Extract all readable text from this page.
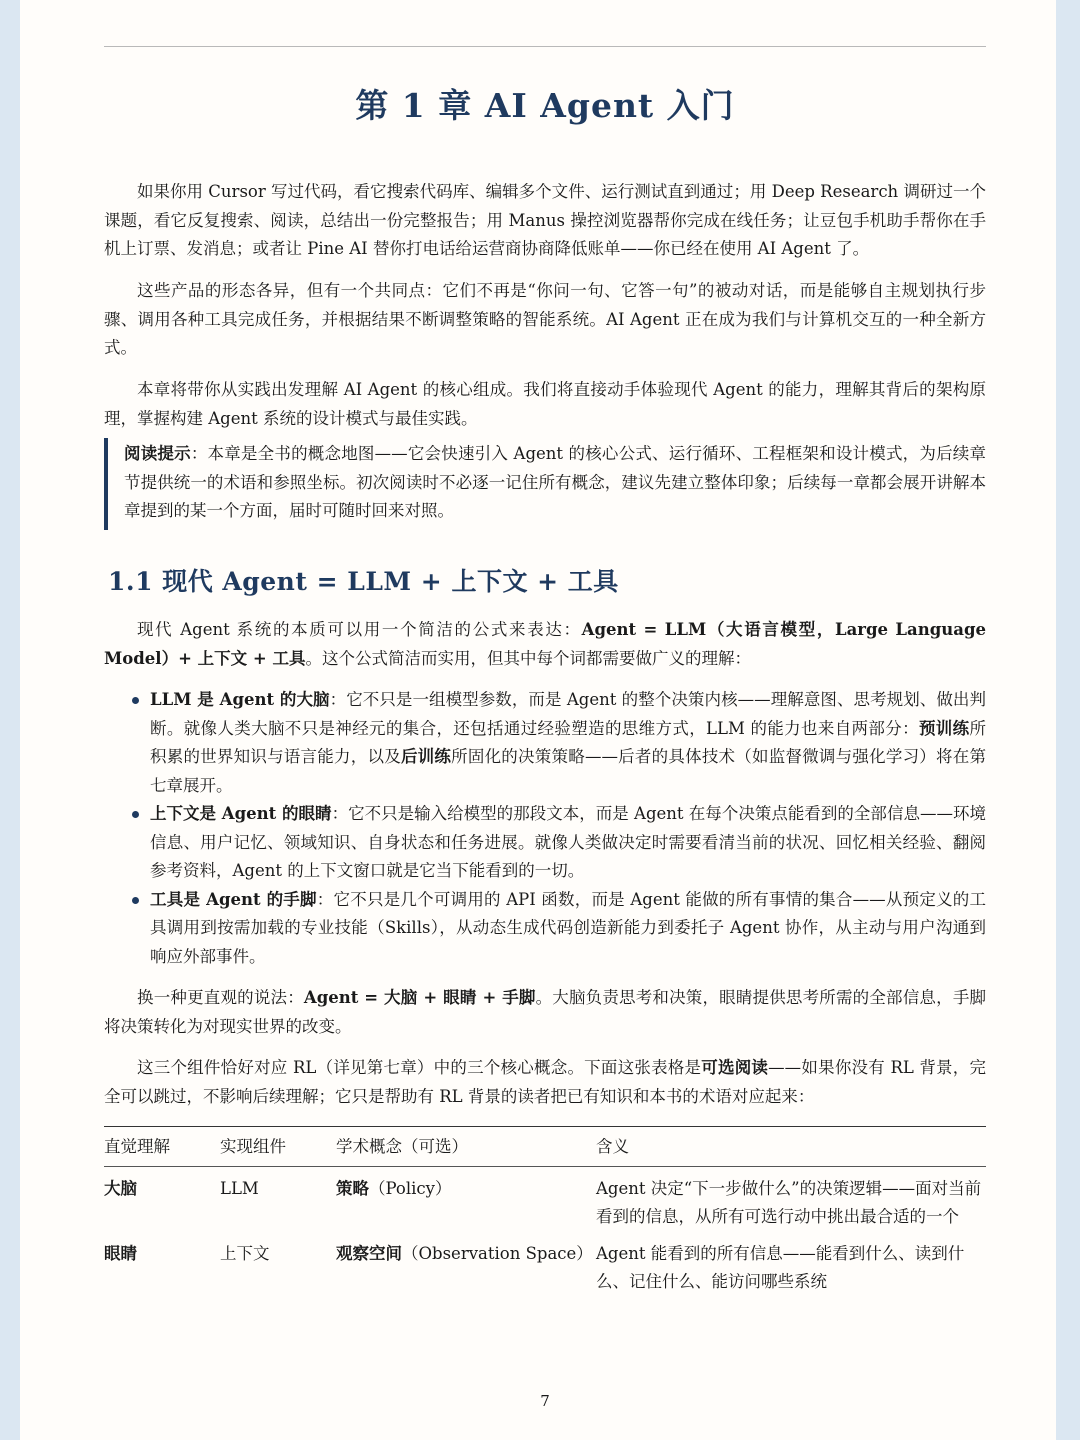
第 1 章 AI Agent 入门

如果你用 Cursor 写过代码，看它搜索代码库、编辑多个文件、运行测试直到通过；用 Deep Research 调研过一个课题，看它反复搜索、阅读，总结出一份完整报告；用 Manus 操控浏览器帮你完成在线任务；让豆包手机助手帮你在手机上订票、发消息；或者让 Pine AI 替你打电话给运营商协商降低账单——你已经在使用 AI Agent 了。

这些产品的形态各异，但有一个共同点：它们不再是“你问一句、它答一句”的被动对话，而是能够自主规划执行步骤、调用各种工具完成任务，并根据结果不断调整策略的智能系统。AI Agent 正在成为我们与计算机交互的一种全新方式。

本章将带你从实践出发理解 AI Agent 的核心组成。我们将直接动手体验现代 Agent 的能力，理解其背后的架构原理，掌握构建 Agent 系统的设计模式与最佳实践。

阅读提示：本章是全书的概念地图——它会快速引入 Agent 的核心公式、运行循环、工程框架和设计模式，为后续章节提供统一的术语和参照坐标。初次阅读时不必逐一记住所有概念，建议先建立整体印象；后续每一章都会展开讲解本章提到的某一个方面，届时可随时回来对照。
1.1 现代 Agent = LLM + 上下文 + 工具

现代 Agent 系统的本质可以用一个简洁的公式来表达：Agent = LLM（大语言模型，Large Language Model）+ 上下文 + 工具。这个公式简洁而实用，但其中每个词都需要做广义的理解：

LLM 是 Agent 的大脑：它不只是一组模型参数，而是 Agent 的整个决策内核——理解意图、思考规划、做出判断。就像人类大脑不只是神经元的集合，还包括通过经验塑造的思维方式，LLM 的能力也来自两部分：预训练所积累的世界知识与语言能力，以及后训练所固化的决策策略——后者的具体技术（如监督微调与强化学习）将在第七章展开。
上下文是 Agent 的眼睛：它不只是输入给模型的那段文本，而是 Agent 在每个决策点能看到的全部信息——环境信息、用户记忆、领域知识、自身状态和任务进展。就像人类做决定时需要看清当前的状况、回忆相关经验、翻阅参考资料，Agent 的上下文窗口就是它当下能看到的一切。
工具是 Agent 的手脚：它不只是几个可调用的 API 函数，而是 Agent 能做的所有事情的集合——从预定义的工具调用到按需加载的专业技能（Skills），从动态生成代码创造新能力到委托子 Agent 协作，从主动与用户沟通到响应外部事件。

换一种更直观的说法：Agent = 大脑 + 眼睛 + 手脚。大脑负责思考和决策，眼睛提供思考所需的全部信息，手脚将决策转化为对现实世界的改变。

这三个组件恰好对应 RL（详见第七章）中的三个核心概念。下面这张表格是可选阅读——如果你没有 RL 背景，完全可以跳过，不影响后续理解；它只是帮助有 RL 背景的读者把已有知识和本书的术语对应起来：

直觉理解	实现组件	学术概念（可选）	含义
大脑	LLM	策略（Policy）	Agent 决定“下一步做什么”的决策逻辑——面对当前看到的信息，从所有可选行动中挑出最合适的一个
眼睛	上下文	观察空间（Observation Space）	Agent 能看到的所有信息——能看到什么、读到什么、记住什么、能访问哪些系统
7
